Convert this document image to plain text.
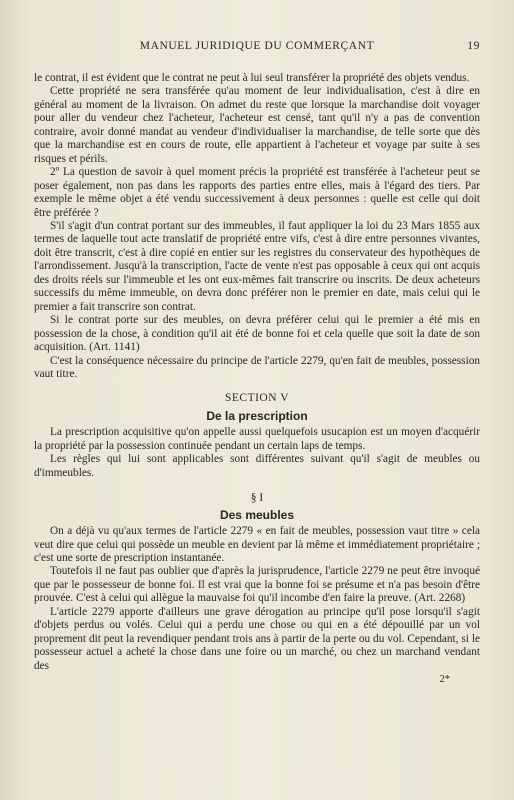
MANUEL JURIDIQUE DU COMMERÇANT	19

le contrat, il est évident que le contrat ne peut à lui seul transférer la propriété des objets vendus.

Cette propriété ne sera transférée qu'au moment de leur individualisation, c'est à dire en général au moment de la livraison. On admet du reste que lorsque la marchandise doit voyager pour aller du vendeur chez l'acheteur, l'acheteur est censé, tant qu'il n'y a pas de convention contraire, avoir donné mandat au vendeur d'individualiser la marchandise, de telle sorte que dès que la marchandise est en cours de route, elle appartient à l'acheteur et voyage par suite à ses risques et périls.

2º La question de savoir à quel moment précis la propriété est transférée à l'acheteur peut se poser également, non pas dans les rapports des parties entre elles, mais à l'égard des tiers. Par exemple le même objet a été vendu successivement à deux personnes : quelle est celle qui doit être préférée ?

S'il s'agit d'un contrat portant sur des immeubles, il faut appliquer la loi du 23 Mars 1855 aux termes de laquelle tout acte translatif de propriété entre vifs, c'est à dire entre personnes vivantes, doit être transcrit, c'est à dire copié en entier sur les registres du conservateur des hypothèques de l'arrondissement. Jusqu'à la transcription, l'acte de vente n'est pas opposable à ceux qui ont acquis des droits réels sur l'immeuble et les ont eux-mêmes fait transcrire ou inscrits. De deux acheteurs successifs du même immeuble, on devra donc préférer non le premier en date, mais celui qui le premier a fait transcrire son contrat.

Si le contrat porte sur des meubles, on devra préférer celui qui le premier a été mis en possession de la chose, à condition qu'il ait été de bonne foi et cela quelle que soit la date de son acquisition. (Art. 1141)

C'est la conséquence nécessaire du principe de l'article 2279, qu'en fait de meubles, possession vaut titre.

SECTION V
De la prescription

La prescription acquisitive qu'on appelle aussi quelquefois usucapion est un moyen d'acquérir la propriété par la possession continuée pendant un certain laps de temps.

Les règles qui lui sont applicables sont différentes suivant qu'il s'agit de meubles ou d'immeubles.

§ I
Des meubles

On a déjà vu qu'aux termes de l'article 2279 « en fait de meubles, possession vaut titre » cela veut dire que celui qui possède un meuble en devient par là même et immédiatement propriétaire ; c'est une sorte de prescription instantanée.

Toutefois il ne faut pas oublier que d'après la jurisprudence, l'article 2279 ne peut être invoqué que par le possesseur de bonne foi. Il est vrai que la bonne foi se présume et n'a pas besoin d'être prouvée. C'est à celui qui allègue la mauvaise foi qu'il incombe d'en faire la preuve. (Art. 2268)

L'article 2279 apporte d'ailleurs une grave dérogation au principe qu'il pose lorsqu'il s'agit d'objets perdus ou volés. Celui qui a perdu une chose ou qui en a été dépouillé par un vol proprement dit peut la revendiquer pendant trois ans à partir de la perte ou du vol. Cependant, si le possesseur actuel a acheté la chose dans une foire ou un marché, ou chez un marchand vendant des

2*
